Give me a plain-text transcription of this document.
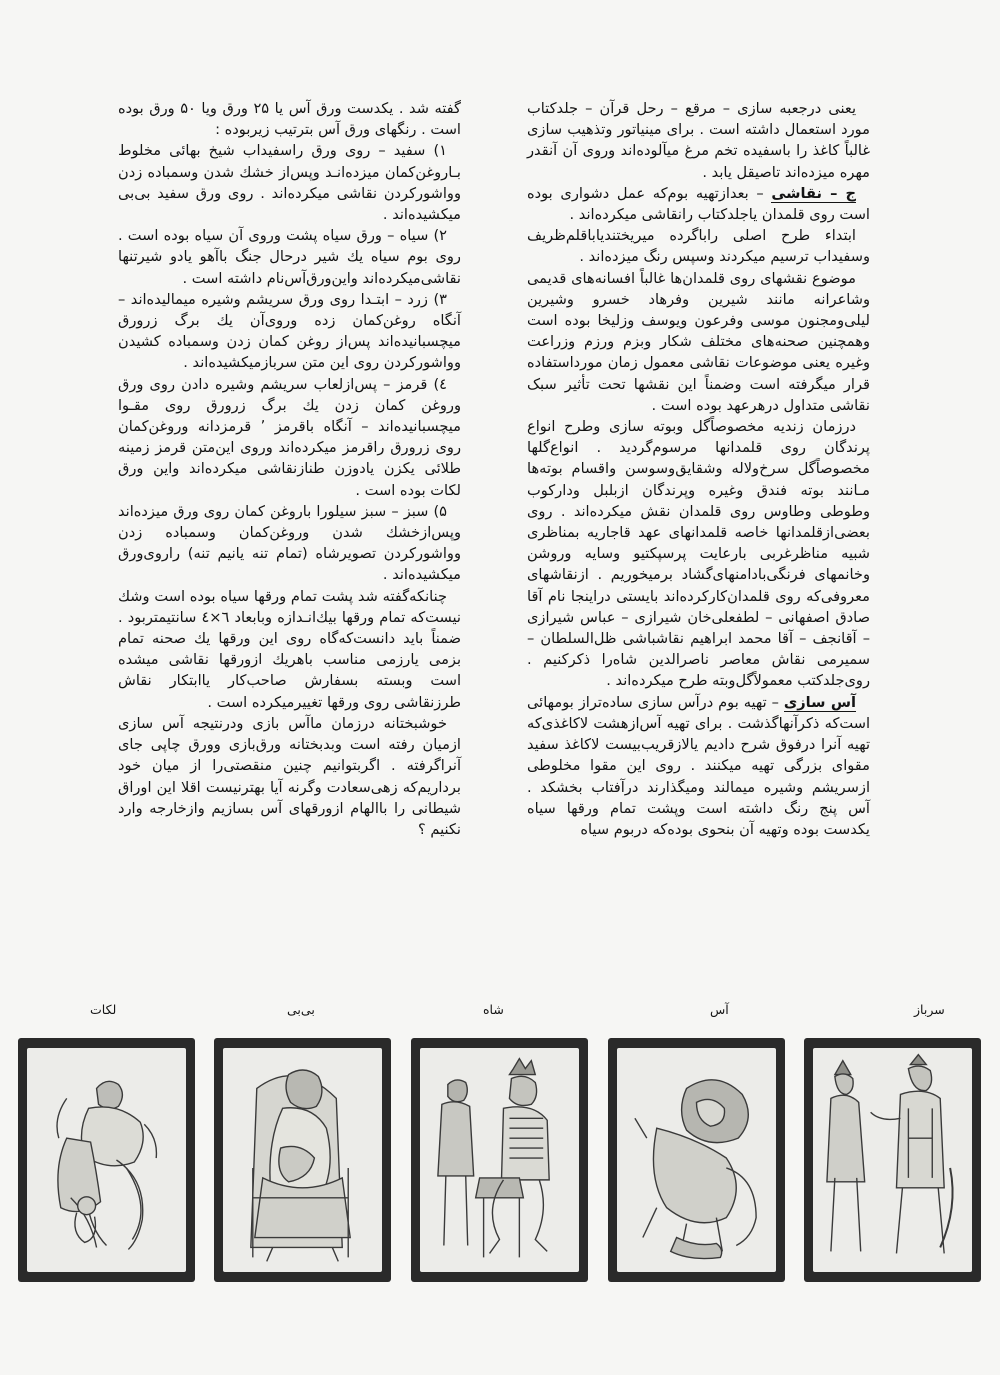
یعنی درجعبه سازی – مرقع – رحل قرآن – جلدکتاب مورد استعمال داشته است . برای مینیاتور وتذهیب سازی غالباً کاغذ را باسفیده تخم مرغ میآلوده‌اند وروی آن آنقدر مهره میزده‌اند تاصیقل یابد .

ج – نقاشی – بعدازتهیه بوم‌که عمل دشواری بوده است روی قلمدان یاجلدکتاب رانقاشی میکرده‌اند .

ابتداء طرح اصلی رابا‌گرده میریختندیاباقلم‌ظریف وسفیداب ترسیم میکردند وسپس رنگ میزده‌اند .

موضوع نقشهای روی قلمدان‌ها غالباً افسانه‌های قدیمی وشاعرانه مانند شیرین وفرهاد خسرو وشیرین لیلی‌ومجنون موسی وفرعون ویوسف وزلیخا بوده است وهمچنین صحنه‌های مختلف شکار وبزم ورزم وزراعت وغیره یعنی موضوعات نقاشی معمول زمان مورداستفاده قرار میگرفته است وضمناً این نقشها تحت تأثیر سبک نقاشی متداول درهرعهد بوده است .

درزمان زندیه مخصوصاً‌گل وبوته سازی وطرح انواع پرندگان روی قلمدانها مرسوم‌گردید . انواع‌گلها مخصوصاً‌گل سرخ‌ولاله وشقایق‌وسوسن واقسام بوته‌ها مـانند بوته فندق وغیره وپرندگان ازبلبل ودارکوب وطوطی وطاوس روی قلمدان نقش میکرده‌اند . روی بعضی‌ازقلمدانها خاصه قلمدانهای عهد قاجاریه بمناظری شبیه مناظرغربی بارعایت پرسپکتیو وسایه وروشن وخانمهای فرنگی‌بادامنهای‌گشاد برمیخوریم . ازنقاشهای معروفی‌که روی قلمدان‌کارکرده‌اند بایستی دراینجا نام آقا صادق اصفهانی – لطفعلی‌خان شیرازی – عباس شیرازی – آقانجف – آقا محمد ابراهیم نقاشباشی ظل‌السلطان – سمیرمی نقاش معاصر ناصرالدین شاه‌را ذکرکنیم . روی‌جلدکتب معمولاً‌گل‌وبته طرح میکرده‌اند .

آس سازی – تهیه بوم درآس سازی ساده‌تراز بومهائی است‌که ذکرآنهاگذشت . برای تهیه آس‌ازهشت لاکاغذی‌که تهیه آنرا درفوق شرح دادیم یالازقریب‌بیست لاکاغذ سفید مقوای بزرگی تهیه میکنند . روی این مقوا مخلوطی ازسریشم وشیره میمالند ومیگذارند درآفتاب بخشکد . آس پنج رنگ داشته است وپشت تمام ورقها سیاه یکدست بوده وتهیه آن بنحوی بوده‌که دربوم سیاه

گفته شد . یکدست ورق آس یا ۲۵ ورق ویا ۵۰ ورق بوده است . رنگهای ورق آس بترتیب زیربوده :

۱) سفید – روی ورق راسفیداب شیخ بهائی مخلوط بـاروغن‌کمان میزده‌انـد وپس‌از خشك شدن وسمباده زدن وواشورکردن نقاشی میکرده‌اند . روی ورق سفید بی‌بی میکشیده‌اند .

۲) سیاه – ورق سیاه پشت وروی آن سیاه بوده است . روی بوم سیاه یك شیر درحال جنگ باآهو یادو شیرتنها نقاشی‌میکرده‌اند واین‌ورق‌آس‌نام داشته است .

۳) زرد – ابتـدا روی ورق سریشم وشیره میمالیده‌اند – آنگاه روغن‌کمان زده وروی‌آن یك برگ زرورق میچسبانیده‌اند پس‌از روغن کمان زدن وسمباده کشیدن وواشورکردن روی این متن سربازمیکشیده‌اند .

٤) قرمز – پس‌ازلعاب سریشم وشیره دادن روی ورق وروغن کمان زدن یك برگ زرورق روی مقـوا میچسبانیده‌اند – آنگاه باقرمز ٬ قرمزدانه وروغن‌کمان روی زرورق راقرمز میکرده‌اند وروی این‌متن قرمز زمینه طلائی یکزن یادوزن طنازنقاشی میکرده‌اند واین ورق لکات بوده است .

۵) سبز – سبز سیلورا باروغن کمان روی ورق میزده‌اند وپس‌ازخشك شدن وروغن‌کمان وسمباده زدن وواشورکردن تصویرشاه (تمام تنه یانیم تنه) راروی‌ورق میکشیده‌اند .

چنانکه‌گفته شد پشت تمام ورقها سیاه بوده است وشك نیست‌که تمام ورقها بیك‌انـدازه وبابعاد ٦×٤ سانتیمتربود . ضمناً باید دانست‌که‌گاه روی این ورقها یك صحنه تمام بزمی یارزمی مناسب باهریك ازورقها نقاشی میشده است وبسته بسفارش صاحب‌کار یاابتکار نقاش طرزنقاشی روی ورقها تغییرمیکرده است .

خوشبختانه درزمان ماآس بازی ودرنتیجه آس سازی ازمیان رفته است وبدبختانه ورق‌بازی وورق چاپی جای آنراگرفته . اگربتوانیم چنین منقصتی‌را از میان خود برداریم‌که زهی‌سعادت وگرنه آیا بهترنیست اقلا این اوراق شیطانی را باالهام ازورقهای آس بسازیم وازخارجه وارد نکنیم ؟

سرباز
آس
شاه
بی‌بی
لکات
